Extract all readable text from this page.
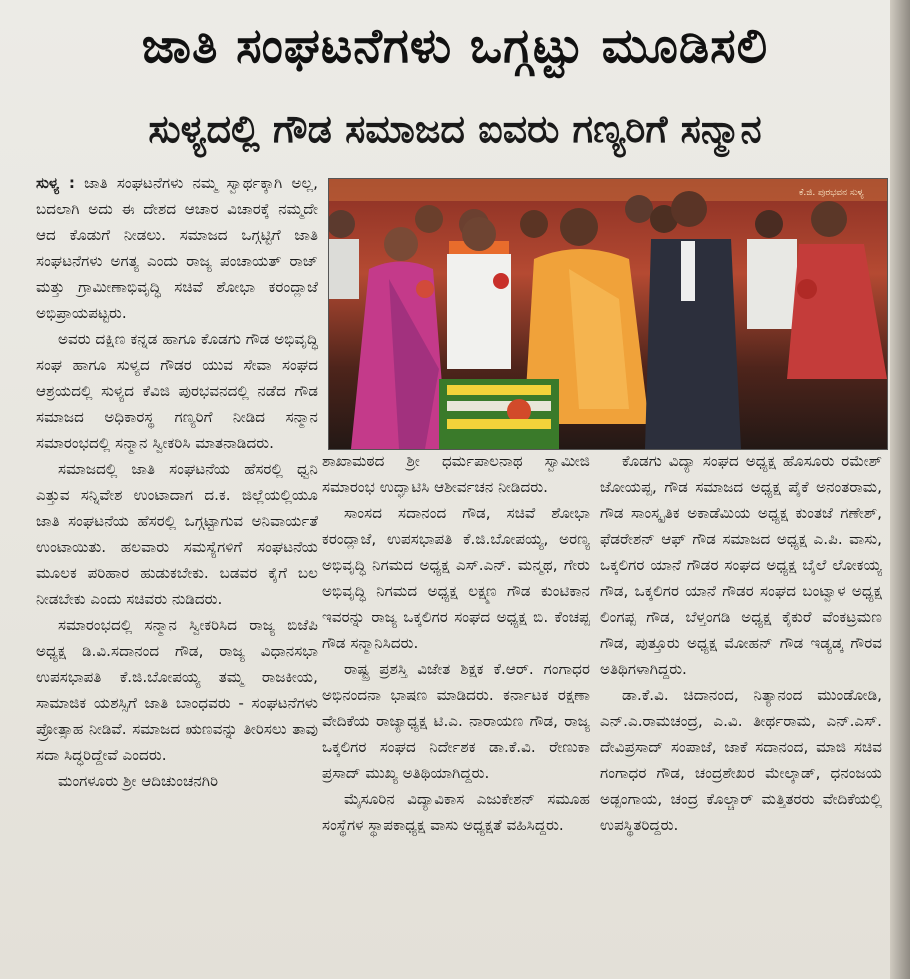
ಜಾತಿ ಸಂಘಟನೆಗಳು ಒಗ್ಗಟ್ಟು ಮೂಡಿಸಲಿ
ಸುಳ್ಯದಲ್ಲಿ ಗೌಡ ಸಮಾಜದ ಐವರು ಗಣ್ಯರಿಗೆ ಸನ್ಮಾನ
ಕೆ.ಜಿ. ಪುರಭವನ ಸುಳ್ಯ

ಸುಳ್ಯ : ಜಾತಿ ಸಂಘಟನೆಗಳು ನಮ್ಮ ಸ್ವಾರ್ಥಕ್ಕಾಗಿ ಅಲ್ಲ, ಬದಲಾಗಿ ಅದು ಈ ದೇಶದ ಆಚಾರ ವಿಚಾರಕ್ಕೆ ನಮ್ಮದೇ ಆದ ಕೊಡುಗೆ ನೀಡಲು. ಸಮಾಜದ ಒಗ್ಗಟ್ಟಿಗೆ ಜಾತಿ ಸಂಘಟನೆಗಳು ಅಗತ್ಯ ಎಂದು ರಾಜ್ಯ ಪಂಚಾಯತ್ ರಾಜ್ ಮತ್ತು ಗ್ರಾಮೀಣಾಭಿವೃದ್ಧಿ ಸಚಿವೆ ಶೋಭಾ ಕರಂದ್ಲಾಜೆ ಅಭಿಪ್ರಾಯಪಟ್ಟರು.

ಅವರು ದಕ್ಷಿಣ ಕನ್ನಡ ಹಾಗೂ ಕೊಡಗು ಗೌಡ ಅಭಿವೃದ್ಧಿ ಸಂಘ ಹಾಗೂ ಸುಳ್ಯದ ಗೌಡರ ಯುವ ಸೇವಾ ಸಂಘದ ಆಶ್ರಯದಲ್ಲಿ ಸುಳ್ಯದ ಕೆವಿಜಿ ಪುರಭವನದಲ್ಲಿ ನಡೆದ ಗೌಡ ಸಮಾಜದ ಅಧಿಕಾರಸ್ಥ ಗಣ್ಯರಿಗೆ ನೀಡಿದ ಸನ್ಮಾನ ಸಮಾರಂಭದಲ್ಲಿ ಸನ್ಮಾನ ಸ್ವೀಕರಿಸಿ ಮಾತನಾಡಿದರು.

ಸಮಾಜದಲ್ಲಿ ಜಾತಿ ಸಂಘಟನೆಯ ಹೆಸರಲ್ಲಿ ಧ್ವನಿ ಎತ್ತುವ ಸನ್ನಿವೇಶ ಉಂಟಾದಾಗ ದ.ಕ. ಜಿಲ್ಲೆಯಲ್ಲಿಯೂ ಜಾತಿ ಸಂಘಟನೆಯ ಹೆಸರಲ್ಲಿ ಒಗ್ಗಟ್ಟಾಗುವ ಅನಿವಾರ್ಯತೆ ಉಂಟಾಯಿತು. ಹಲವಾರು ಸಮಸ್ಯೆಗಳಿಗೆ ಸಂಘಟನೆಯ ಮೂಲಕ ಪರಿಹಾರ ಹುಡುಕಬೇಕು. ಬಡವರ ಕೈಗೆ ಬಲ ನೀಡಬೇಕು ಎಂದು ಸಚಿವರು ನುಡಿದರು.

ಸಮಾರಂಭದಲ್ಲಿ ಸನ್ಮಾನ ಸ್ವೀಕರಿಸಿದ ರಾಜ್ಯ ಬಿಜೆಪಿ ಅಧ್ಯಕ್ಷ ಡಿ.ವಿ.ಸದಾನಂದ ಗೌಡ, ರಾಜ್ಯ ವಿಧಾನಸಭಾ ಉಪಸಭಾಪತಿ ಕೆ.ಜಿ.ಬೋಪಯ್ಯ ತಮ್ಮ ರಾಜಕೀಯ, ಸಾಮಾಜಿಕ ಯಶಸ್ಸಿಗೆ ಜಾತಿ ಬಾಂಧವರು - ಸಂಘಟನೆಗಳು ಪ್ರೋತ್ಸಾಹ ನೀಡಿವೆ. ಸಮಾಜದ ಋಣವನ್ನು ತೀರಿಸಲು ತಾವು ಸದಾ ಸಿದ್ಧರಿದ್ದೇವೆ ಎಂದರು.

ಮಂಗಳೂರು ಶ್ರೀ ಆದಿಚುಂಚನಗಿರಿ

ಶಾಖಾಮಠದ ಶ್ರೀ ಧರ್ಮಪಾಲನಾಥ ಸ್ವಾಮೀಜಿ ಸಮಾರಂಭ ಉದ್ಘಾಟಿಸಿ ಆಶೀರ್ವಚನ ನೀಡಿದರು.

ಸಾಂಸದ ಸದಾನಂದ ಗೌಡ, ಸಚಿವೆ ಶೋಭಾ ಕರಂದ್ಲಾಜೆ, ಉಪಸಭಾಪತಿ ಕೆ.ಜಿ.ಬೋಪಯ್ಯ, ಅರಣ್ಯ ಅಭಿವೃದ್ಧಿ ನಿಗಮದ ಅಧ್ಯಕ್ಷ ಎಸ್.ಎನ್. ಮನ್ಮಥ, ಗೇರು ಅಭಿವೃದ್ಧಿ ನಿಗಮದ ಅಧ್ಯಕ್ಷ ಲಕ್ಷ್ಮಣ ಗೌಡ ಕುಂಟಿಕಾನ ಇವರನ್ನು ರಾಜ್ಯ ಒಕ್ಕಲಿಗರ ಸಂಘದ ಅಧ್ಯಕ್ಷ ಬಿ. ಕೆಂಚಪ್ಪ ಗೌಡ ಸನ್ಮಾನಿಸಿದರು.

ರಾಷ್ಟ್ರ ಪ್ರಶಸ್ತಿ ವಿಜೇತ ಶಿಕ್ಷಕ ಕೆ.ಆರ್. ಗಂಗಾಧರ ಅಭಿನಂದನಾ ಭಾಷಣ ಮಾಡಿದರು. ಕರ್ನಾಟಕ ರಕ್ಷಣಾ ವೇದಿಕೆಯ ರಾಜ್ಯಾಧ್ಯಕ್ಷ ಟಿ.ಎ. ನಾರಾಯಣ ಗೌಡ, ರಾಜ್ಯ ಒಕ್ಕಲಿಗರ ಸಂಘದ ನಿರ್ದೇಶಕ ಡಾ.ಕೆ.ವಿ. ರೇಣುಕಾ ಪ್ರಸಾದ್ ಮುಖ್ಯ ಅತಿಥಿಯಾಗಿದ್ದರು.

ಮೈಸೂರಿನ ವಿದ್ಯಾವಿಕಾಸ ಎಜುಕೇಶನ್ ಸಮೂಹ ಸಂಸ್ಥೆಗಳ ಸ್ಥಾಪಕಾಧ್ಯಕ್ಷ ವಾಸು ಅಧ್ಯಕ್ಷತೆ ವಹಿಸಿದ್ದರು.

ಕೊಡಗು ವಿದ್ಯಾ ಸಂಘದ ಅಧ್ಯಕ್ಷ ಹೊಸೂರು ರಮೇಶ್ ಜೋಯಪ್ಪ, ಗೌಡ ಸಮಾಜದ ಅಧ್ಯಕ್ಷ ಪೈಕೆ ಅನಂತರಾಮ, ಗೌಡ ಸಾಂಸ್ಕೃತಿಕ ಅಕಾಡೆಮಿಯ ಅಧ್ಯಕ್ಷ ಕುಂತಜೆ ಗಣೇಶ್, ಫೆಡರೇಶನ್ ಆಫ್ ಗೌಡ ಸಮಾಜದ ಅಧ್ಯಕ್ಷ ಎ.ಪಿ. ವಾಸು, ಒಕ್ಕಲಿಗರ ಯಾನೆ ಗೌಡರ ಸಂಘದ ಅಧ್ಯಕ್ಷ ಬೈಲೆ ಲೋಕಯ್ಯ ಗೌಡ, ಒಕ್ಕಲಿಗರ ಯಾನೆ ಗೌಡರ ಸಂಘದ ಬಂಟ್ವಾಳ ಅಧ್ಯಕ್ಷ ಲಿಂಗಪ್ಪ ಗೌಡ, ಬೆಳ್ತಂಗಡಿ ಅಧ್ಯಕ್ಷ ಕೈಕುರೆ ವೆಂಕಟ್ರಮಣ ಗೌಡ, ಪುತ್ತೂರು ಅಧ್ಯಕ್ಷ ಮೋಹನ್ ಗೌಡ ಇಡ್ಯಡ್ಕ ಗೌರವ ಅತಿಥಿಗಳಾಗಿದ್ದರು.

ಡಾ.ಕೆ.ವಿ. ಚಿದಾನಂದ, ನಿತ್ಯಾನಂದ ಮುಂಡೋಡಿ, ಎನ್.ಎ.ರಾಮಚಂದ್ರ, ಎ.ವಿ. ತೀರ್ಥರಾಮ, ಎನ್.ಎಸ್. ದೇವಿಪ್ರಸಾದ್ ಸಂಪಾಜೆ, ಜಾಕೆ ಸದಾನಂದ, ಮಾಜಿ ಸಚಿವ ಗಂಗಾಧರ ಗೌಡ, ಚಂದ್ರಶೇಖರ ಮೇಲ್ಕಾಡ್, ಧನಂಜಯ ಅಡ್ಪಂಗಾಯ, ಚಂದ್ರ ಕೊಲ್ಚಾರ್ ಮತ್ತಿತರರು ವೇದಿಕೆಯಲ್ಲಿ ಉಪಸ್ಥಿತರಿದ್ದರು.
